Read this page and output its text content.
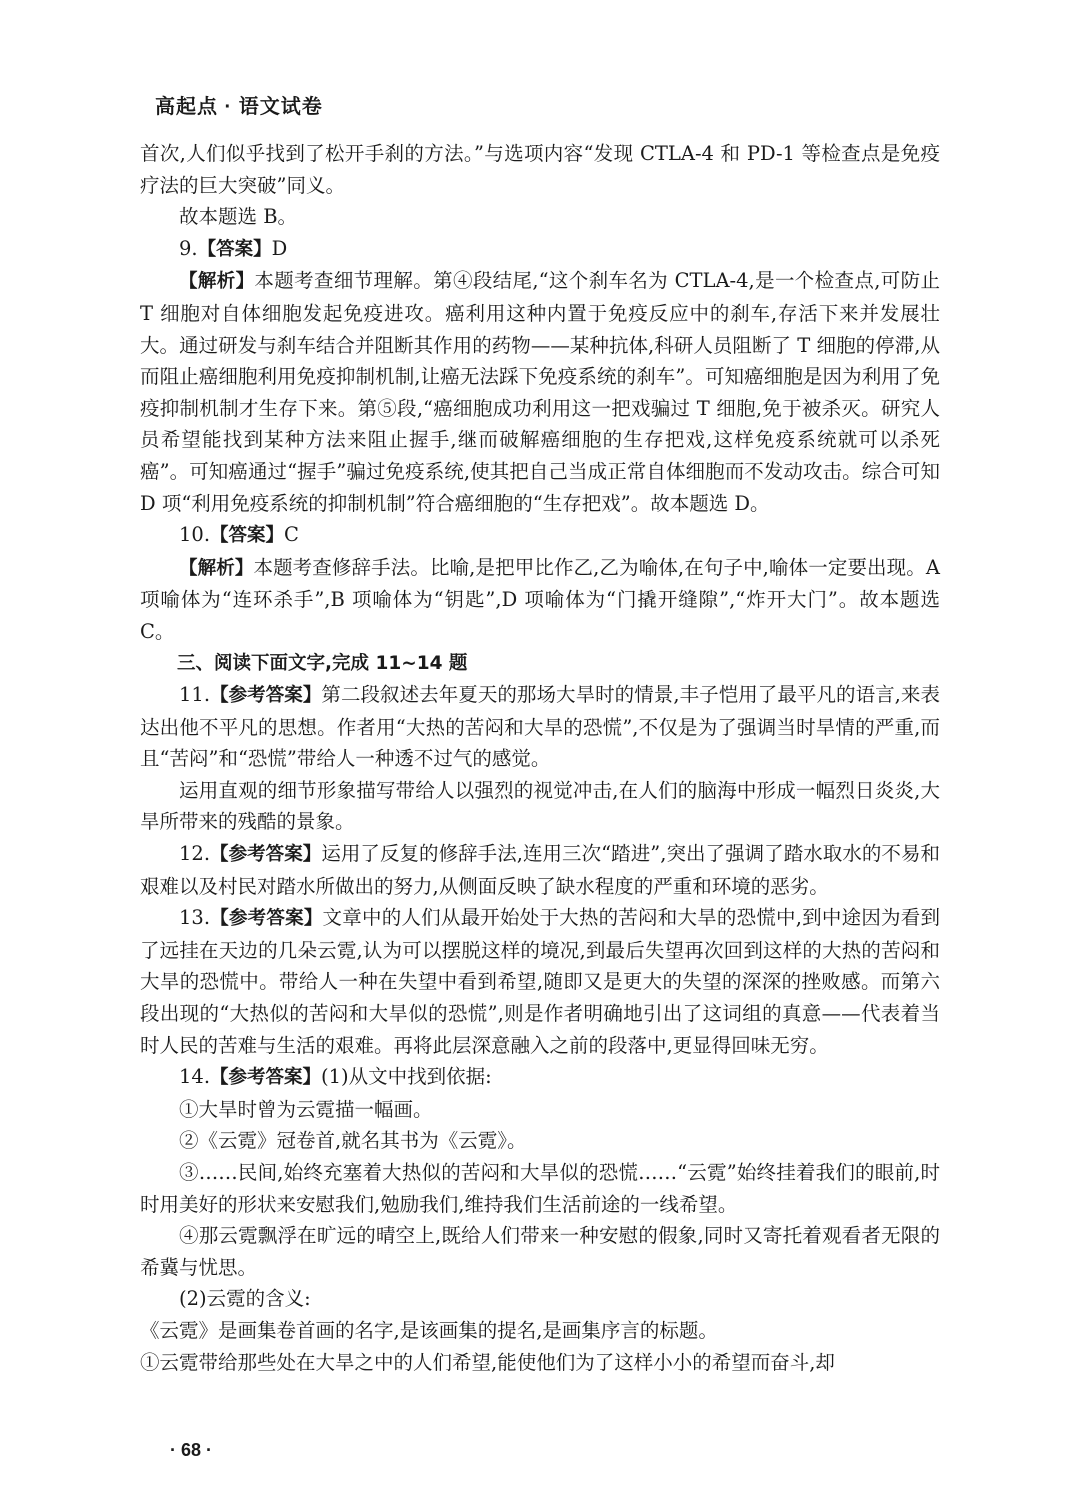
高起点 · 语文试卷

首次,人们似乎找到了松开手刹的方法。”与选项内容“发现 CTLA-4 和 PD-1 等检查点是免疫疗法的巨大突破”同义。

故本题选 B。

9.【答案】D

【解析】本题考查细节理解。第④段结尾,“这个刹车名为 CTLA-4,是一个检查点,可防止 T 细胞对自体细胞发起免疫进攻。癌利用这种内置于免疫反应中的刹车,存活下来并发展壮大。通过研发与刹车结合并阻断其作用的药物——某种抗体,科研人员阻断了 T 细胞的停滞,从而阻止癌细胞利用免疫抑制机制,让癌无法踩下免疫系统的刹车”。可知癌细胞是因为利用了免疫抑制机制才生存下来。第⑤段,“癌细胞成功利用这一把戏骗过 T 细胞,免于被杀灭。研究人员希望能找到某种方法来阻止握手,继而破解癌细胞的生存把戏,这样免疫系统就可以杀死癌”。可知癌通过“握手”骗过免疫系统,使其把自己当成正常自体细胞而不发动攻击。综合可知 D 项“利用免疫系统的抑制机制”符合癌细胞的“生存把戏”。故本题选 D。

10.【答案】C

【解析】本题考查修辞手法。比喻,是把甲比作乙,乙为喻体,在句子中,喻体一定要出现。A 项喻体为“连环杀手”,B 项喻体为“钥匙”,D 项喻体为“门撬开缝隙”,“炸开大门”。故本题选 C。

三、阅读下面文字,完成 11~14 题

11.【参考答案】第二段叙述去年夏天的那场大旱时的情景,丰子恺用了最平凡的语言,来表达出他不平凡的思想。作者用“大热的苦闷和大旱的恐慌”,不仅是为了强调当时旱情的严重,而且“苦闷”和“恐慌”带给人一种透不过气的感觉。

运用直观的细节形象描写带给人以强烈的视觉冲击,在人们的脑海中形成一幅烈日炎炎,大旱所带来的残酷的景象。

12.【参考答案】运用了反复的修辞手法,连用三次“踏进”,突出了强调了踏水取水的不易和艰难以及村民对踏水所做出的努力,从侧面反映了缺水程度的严重和环境的恶劣。

13.【参考答案】文章中的人们从最开始处于大热的苦闷和大旱的恐慌中,到中途因为看到了远挂在天边的几朵云霓,认为可以摆脱这样的境况,到最后失望再次回到这样的大热的苦闷和大旱的恐慌中。带给人一种在失望中看到希望,随即又是更大的失望的深深的挫败感。而第六段出现的“大热似的苦闷和大旱似的恐慌”,则是作者明确地引出了这词组的真意——代表着当时人民的苦难与生活的艰难。再将此层深意融入之前的段落中,更显得回味无穷。

14.【参考答案】(1)从文中找到依据:

①大旱时曾为云霓描一幅画。

②《云霓》冠卷首,就名其书为《云霓》。

③……民间,始终充塞着大热似的苦闷和大旱似的恐慌……“云霓”始终挂着我们的眼前,时时用美好的形状来安慰我们,勉励我们,维持我们生活前途的一线希望。

④那云霓飘浮在旷远的晴空上,既给人们带来一种安慰的假象,同时又寄托着观看者无限的希冀与忧思。

(2)云霓的含义:

《云霓》是画集卷首画的名字,是该画集的提名,是画集序言的标题。

①云霓带给那些处在大旱之中的人们希望,能使他们为了这样小小的希望而奋斗,却

· 68 ·
